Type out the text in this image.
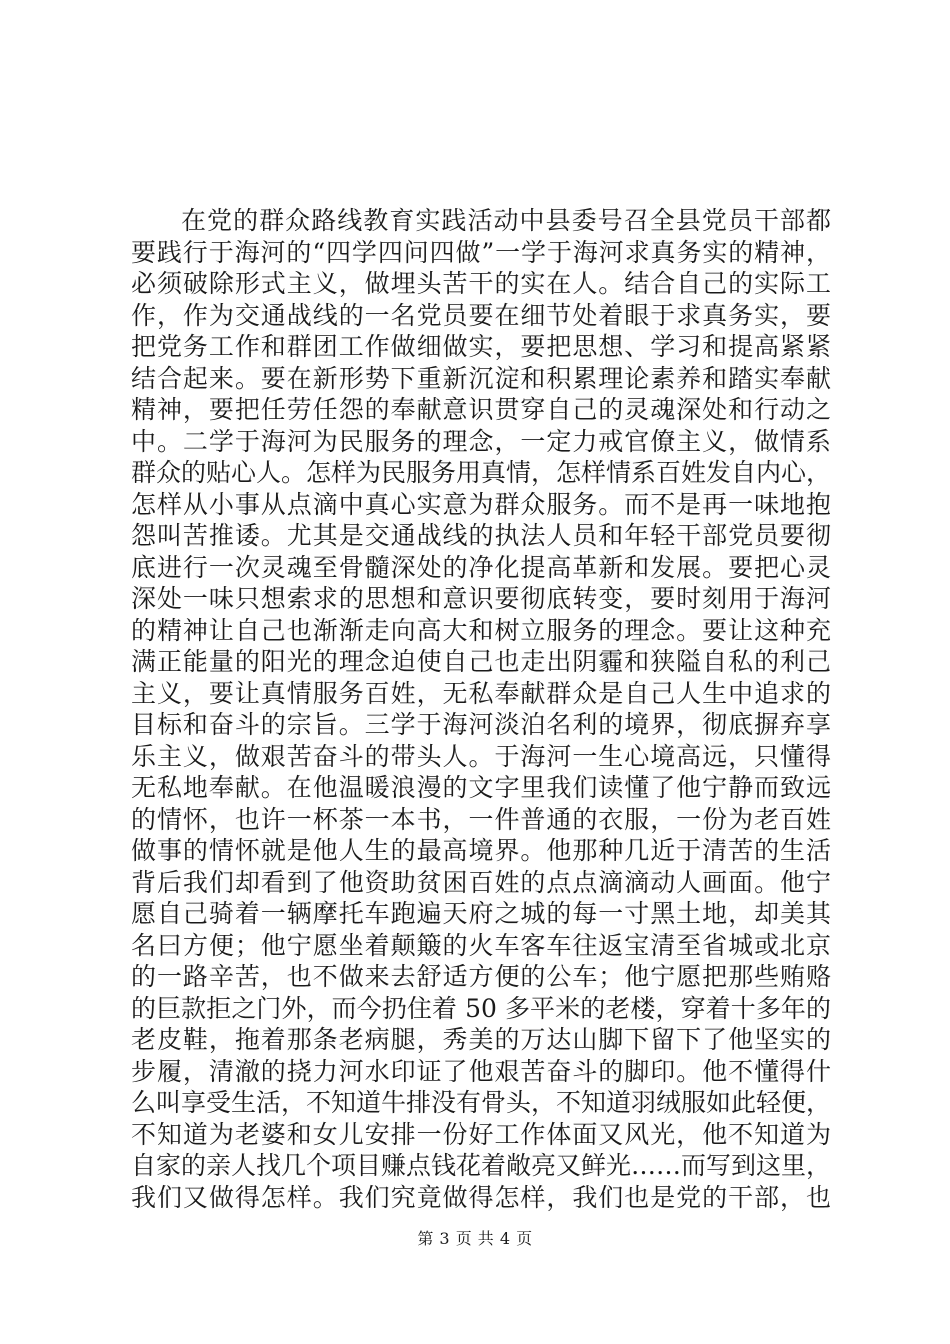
在党的群众路线教育实践活动中县委号召全县党员干部都
要践行于海河的“四学四问四做”一学于海河求真务实的精神，
必须破除形式主义，做埋头苦干的实在人。结合自己的实际工
作，作为交通战线的一名党员要在细节处着眼于求真务实，要
把党务工作和群团工作做细做实，要把思想、学习和提高紧紧
结合起来。要在新形势下重新沉淀和积累理论素养和踏实奉献
精神，要把任劳任怨的奉献意识贯穿自己的灵魂深处和行动之
中。二学于海河为民服务的理念，一定力戒官僚主义，做情系
群众的贴心人。怎样为民服务用真情，怎样情系百姓发自内心，
怎样从小事从点滴中真心实意为群众服务。而不是再一味地抱
怨叫苦推诿。尤其是交通战线的执法人员和年轻干部党员要彻
底进行一次灵魂至骨髓深处的净化提高革新和发展。要把心灵
深处一味只想索求的思想和意识要彻底转变，要时刻用于海河
的精神让自己也渐渐走向高大和树立服务的理念。要让这种充
满正能量的阳光的理念迫使自己也走出阴霾和狭隘自私的利己
主义，要让真情服务百姓，无私奉献群众是自己人生中追求的
目标和奋斗的宗旨。三学于海河淡泊名利的境界，彻底摒弃享
乐主义，做艰苦奋斗的带头人。于海河一生心境高远，只懂得
无私地奉献。在他温暖浪漫的文字里我们读懂了他宁静而致远
的情怀，也许一杯茶一本书，一件普通的衣服，一份为老百姓
做事的情怀就是他人生的最高境界。他那种几近于清苦的生活
背后我们却看到了他资助贫困百姓的点点滴滴动人画面。他宁
愿自己骑着一辆摩托车跑遍天府之城的每一寸黑土地，却美其
名曰方便；他宁愿坐着颠簸的火车客车往返宝清至省城或北京
的一路辛苦，也不做来去舒适方便的公车；他宁愿把那些贿赂
的巨款拒之门外，而今扔住着 50 多平米的老楼，穿着十多年的
老皮鞋，拖着那条老病腿，秀美的万达山脚下留下了他坚实的
步履，清澈的挠力河水印证了他艰苦奋斗的脚印。他不懂得什
么叫享受生活，不知道牛排没有骨头，不知道羽绒服如此轻便，
不知道为老婆和女儿安排一份好工作体面又风光，他不知道为
自家的亲人找几个项目赚点钱花着敞亮又鲜光……而写到这里，
我们又做得怎样。我们究竟做得怎样，我们也是党的干部，也
第 3 页 共 4 页
